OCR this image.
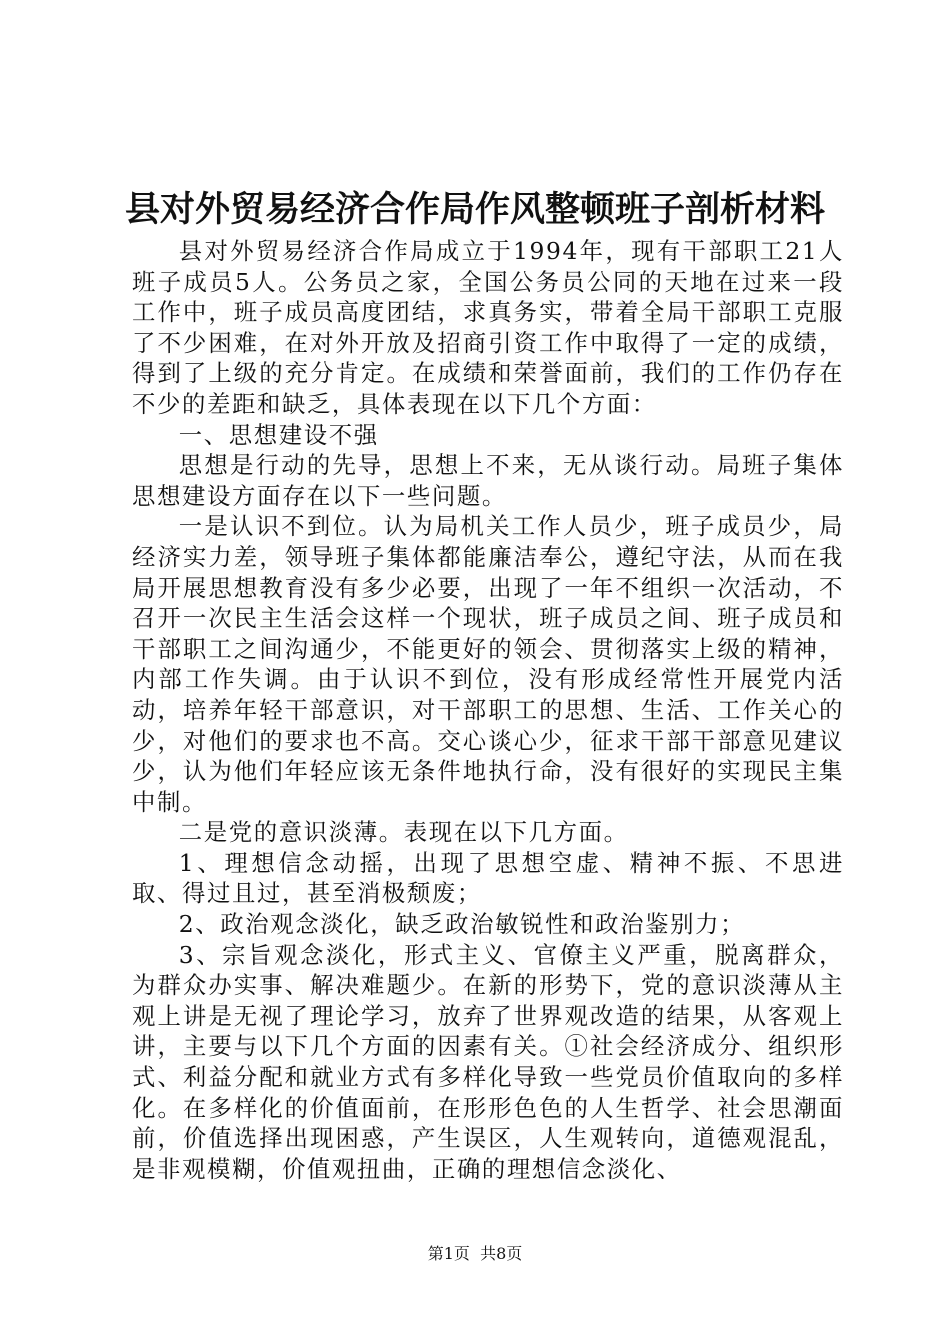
县对外贸易经济合作局作风整顿班子剖析材料

县对外贸易经济合作局成立于1994年，现有干部职工21人班子成员5人。公务员之家，全国公务员公同的天地在过来一段工作中，班子成员高度团结，求真务实，带着全局干部职工克服了不少困难，在对外开放及招商引资工作中取得了一定的成绩，得到了上级的充分肯定。在成绩和荣誉面前，我们的工作仍存在不少的差距和缺乏，具体表现在以下几个方面：

一、思想建设不强

思想是行动的先导，思想上不来，无从谈行动。局班子集体思想建设方面存在以下一些问题。

一是认识不到位。认为局机关工作人员少，班子成员少，局经济实力差，领导班子集体都能廉洁奉公，遵纪守法，从而在我局开展思想教育没有多少必要，出现了一年不组织一次活动，不召开一次民主生活会这样一个现状，班子成员之间、班子成员和干部职工之间沟通少，不能更好的领会、贯彻落实上级的精神，内部工作失调。由于认识不到位，没有形成经常性开展党内活动，培养年轻干部意识，对干部职工的思想、生活、工作关心的少，对他们的要求也不高。交心谈心少，征求干部干部意见建议少，认为他们年轻应该无条件地执行命，没有很好的实现民主集中制。

二是党的意识淡薄。表现在以下几方面。

1、理想信念动摇，出现了思想空虚、精神不振、不思进取、得过且过，甚至消极颓废；

2、政治观念淡化，缺乏政治敏锐性和政治鉴别力；

3、宗旨观念淡化，形式主义、官僚主义严重，脱离群众，为群众办实事、解决难题少。在新的形势下，党的意识淡薄从主观上讲是无视了理论学习，放弃了世界观改造的结果，从客观上讲，主要与以下几个方面的因素有关。①社会经济成分、组织形式、利益分配和就业方式有多样化导致一些党员价值取向的多样化。在多样化的价值面前，在形形色色的人生哲学、社会思潮面前，价值选择出现困惑，产生误区，人生观转向，道德观混乱，是非观模糊，价值观扭曲，正确的理想信念淡化、

第1页 共8页
